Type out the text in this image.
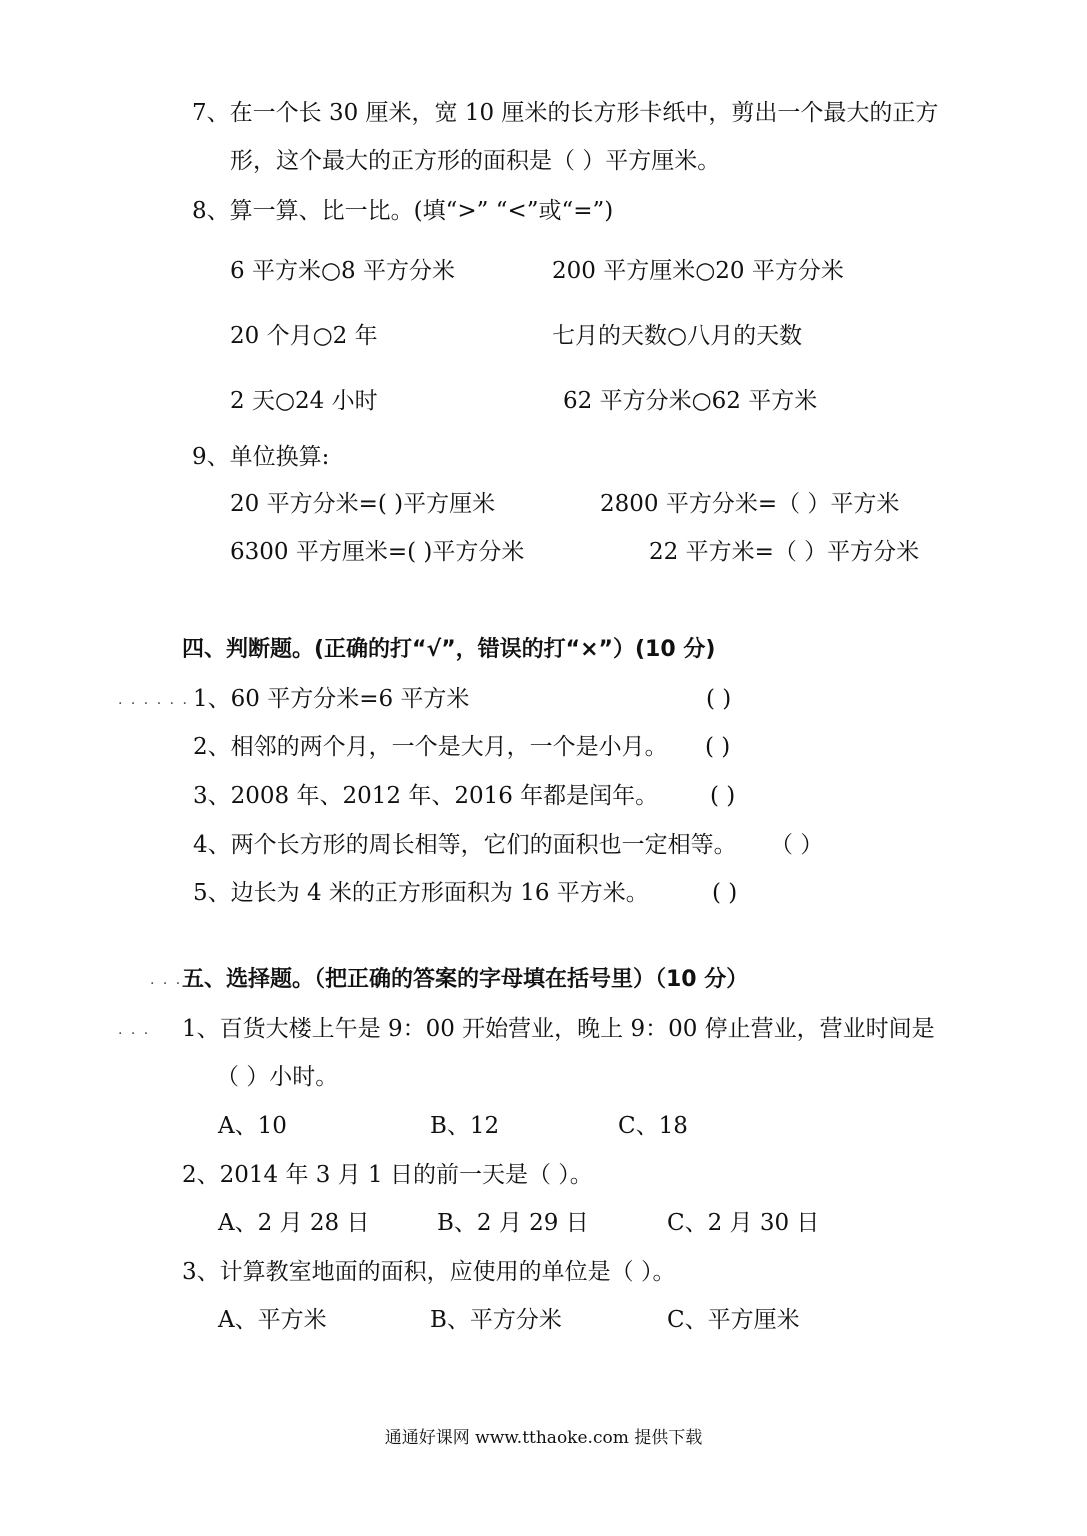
7、在一个长 30 厘米，宽 10 厘米的长方形卡纸中，剪出一个最大的正方
形，这个最大的正方形的面积是（ ）平方厘米。
8、算一算、比一比。(填“>” “<”或“=”)
6 平方米○8 平方分米	200 平方厘米○20 平方分米
20 个月○2 年	七月的天数○八月的天数
2 天○24 小时	62 平方分米○62 平方米
9、单位换算:
20 平方分米=( )平方厘米	2800 平方分米=（ ）平方米
6300 平方厘米=( )平方分米	22 平方米=（ ）平方分米
四、判断题。(正确的打“√”，错误的打“×”）(10 分)
. . . . . . 1、60 平方分米=6 平方米	( )
2、相邻的两个月，一个是大月，一个是小月。 ( )
3、2008 年、2012 年、2016 年都是闰年。 ( )
4、两个长方形的周长相等，它们的面积也一定相等。 （ ）
5、边长为 4 米的正方形面积为 16 平方米。	( )
. . . 五、选择题。（把正确的答案的字母填在括号里）（10 分）
. . . 1、百货大楼上午是 9：00 开始营业，晚上 9：00 停止营业，营业时间是
（ ）小时。
A、10	B、12	C、18
2、2014 年 3 月 1 日的前一天是（ ）。
A、2 月 28 日	B、2 月 29 日	C、2 月 30 日
3、计算教室地面的面积，应使用的单位是（ ）。
A、平方米	B、平方分米	C、平方厘米
通通好课网 www.tthaoke.com 提供下载
